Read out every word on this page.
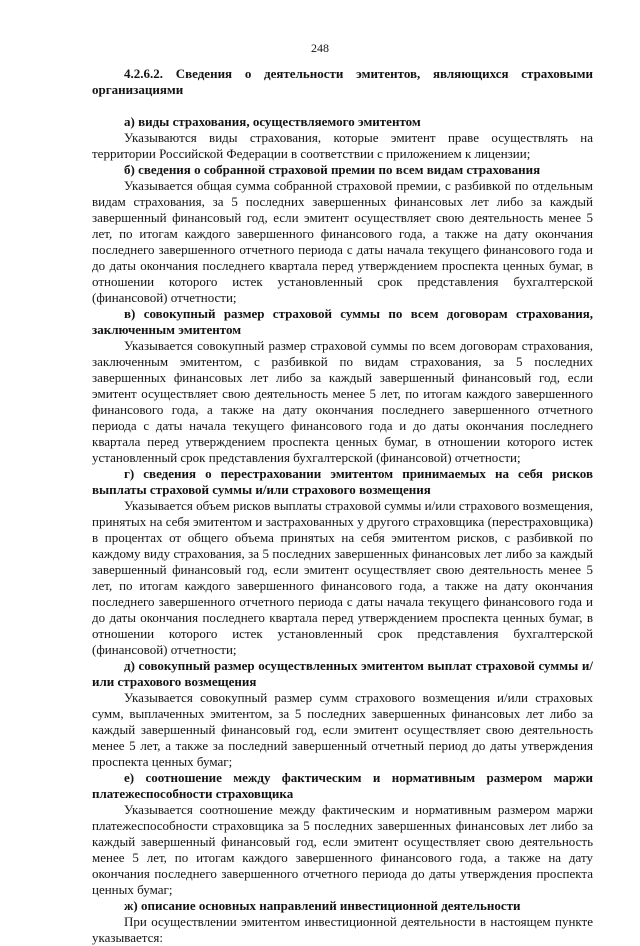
248

4.2.6.2. Сведения о деятельности эмитентов, являющихся страховыми организациями

а) виды страхования, осуществляемого эмитентом

Указываются виды страхования, которые эмитент праве осуществлять на территории Российской Федерации в соответствии с приложением к лицензии;

б) сведения о собранной страховой премии по всем видам страхования

Указывается общая сумма собранной страховой премии, с разбивкой по отдельным видам страхования, за 5 последних завершенных финансовых лет либо за каждый завершенный финансовый год, если эмитент осуществляет свою деятельность менее 5 лет, по итогам каждого завершенного финансового года, а также на дату окончания последнего завершенного отчетного периода с даты начала текущего финансового года и до даты окончания последнего квартала перед утверждением проспекта ценных бумаг, в отношении которого истек установленный срок представления бухгалтерской (финансовой) отчетности;

в) совокупный размер страховой суммы по всем договорам страхования, заключенным эмитентом

Указывается совокупный размер страховой суммы по всем договорам страхования, заключенным эмитентом, с разбивкой по видам страхования, за 5 последних завершенных финансовых лет либо за каждый завершенный финансовый год, если эмитент осуществляет свою деятельность менее 5 лет, по итогам каждого завершенного финансового года, а также на дату окончания последнего завершенного отчетного периода с даты начала текущего финансового года и до даты окончания последнего квартала перед утверждением проспекта ценных бумаг, в отношении которого истек установленный срок представления бухгалтерской (финансовой) отчетности;

г) сведения о перестраховании эмитентом принимаемых на себя рисков выплаты страховой суммы и/или страхового возмещения

Указывается объем рисков выплаты страховой суммы и/или страхового возмещения, принятых на себя эмитентом и застрахованных у другого страховщика (перестраховщика) в процентах от общего объема принятых на себя эмитентом рисков, с разбивкой по каждому виду страхования, за 5 последних завершенных финансовых лет либо за каждый завершенный финансовый год, если эмитент осуществляет свою деятельность менее 5 лет, по итогам каждого завершенного финансового года, а также на дату окончания последнего завершенного отчетного периода с даты начала текущего финансового года и до даты окончания последнего квартала перед утверждением проспекта ценных бумаг, в отношении которого истек установленный срок представления бухгалтерской (финансовой) отчетности;

д) совокупный размер осуществленных эмитентом выплат страховой суммы и/или страхового возмещения

Указывается совокупный размер сумм страхового возмещения и/или страховых сумм, выплаченных эмитентом, за 5 последних завершенных финансовых лет либо за каждый завершенный финансовый год, если эмитент осуществляет свою деятельность менее 5 лет, а также за последний завершенный отчетный период до даты утверждения проспекта ценных бумаг;

е) соотношение между фактическим и нормативным размером маржи платежеспособности страховщика

Указывается соотношение между фактическим и нормативным размером маржи платежеспособности страховщика за 5 последних завершенных финансовых лет либо за каждый завершенный финансовый год, если эмитент осуществляет свою деятельность менее 5 лет, по итогам каждого завершенного финансового года, а также на дату окончания последнего завершенного отчетного периода до даты утверждения проспекта ценных бумаг;

ж) описание основных направлений инвестиционной деятельности

При осуществлении эмитентом инвестиционной деятельности в настоящем пункте указывается:
